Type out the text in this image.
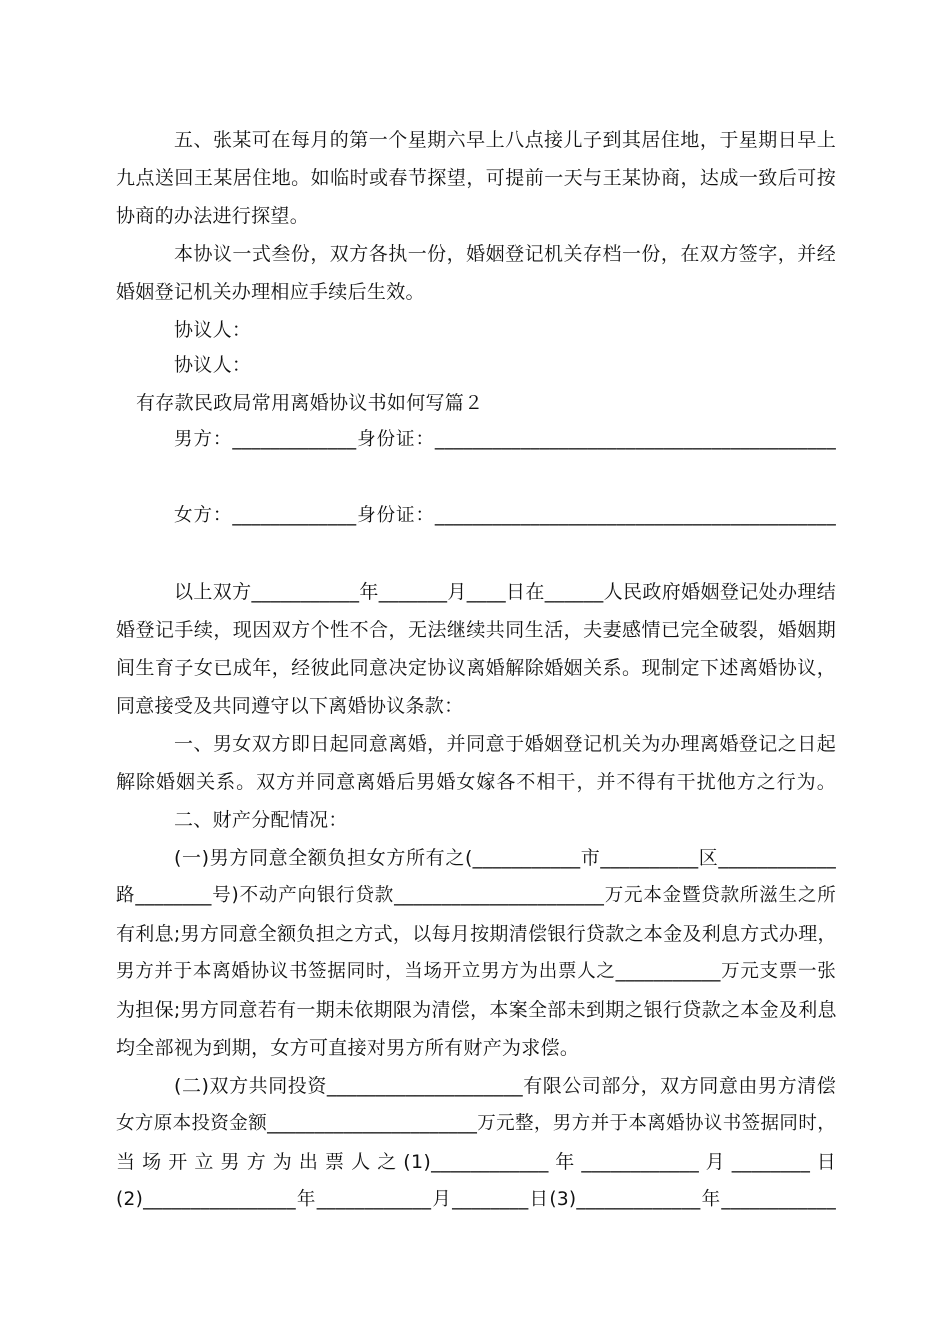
五、张某可在每月的第一个星期六早上八点接儿子到其居住地，于星期日早上
九点送回王某居住地。如临时或春节探望，可提前一天与王某协商，达成一致后可按
协商的办法进行探望。
本协议一式叁份，双方各执一份，婚姻登记机关存档一份，在双方签字，并经
婚姻登记机关办理相应手续后生效。
协议人：
协议人：
有存款民政局常用离婚协议书如何写篇２
男方：_____________身份证：__________________________________________
女方：_____________身份证：__________________________________________
以上双方___________年_______月____日在______人民政府婚姻登记处办理结
婚登记手续，现因双方个性不合，无法继续共同生活，夫妻感情已完全破裂，婚姻期
间生育子女已成年，经彼此同意决定协议离婚解除婚姻关系。现制定下述离婚协议，
同意接受及共同遵守以下离婚协议条款：
一、男女双方即日起同意离婚，并同意于婚姻登记机关为办理离婚登记之日起
解除婚姻关系。双方并同意离婚后男婚女嫁各不相干，并不得有干扰他方之行为。
二、财产分配情况：
(一)男方同意全额负担女方所有之(___________市__________区____________
路________号)不动产向银行贷款______________________万元本金暨贷款所滋生之所
有利息;男方同意全额负担之方式，以每月按期清偿银行贷款之本金及利息方式办理，
男方并于本离婚协议书签据同时，当场开立男方为出票人之___________万元支票一张
为担保;男方同意若有一期未依期限为清偿，本案全部未到期之银行贷款之本金及利息
均全部视为到期，女方可直接对男方所有财产为求偿。
(二)双方共同投资____________________有限公司部分，双方同意由男方清偿
女方原本投资金额______________________万元整，男方并于本离婚协议书签据同时，
当 场 开 立 男 方 为 出 票 人 之 (1)____________ 年 ____________ 月 ________ 日
(2)________________年____________月________日(3)_____________年____________
